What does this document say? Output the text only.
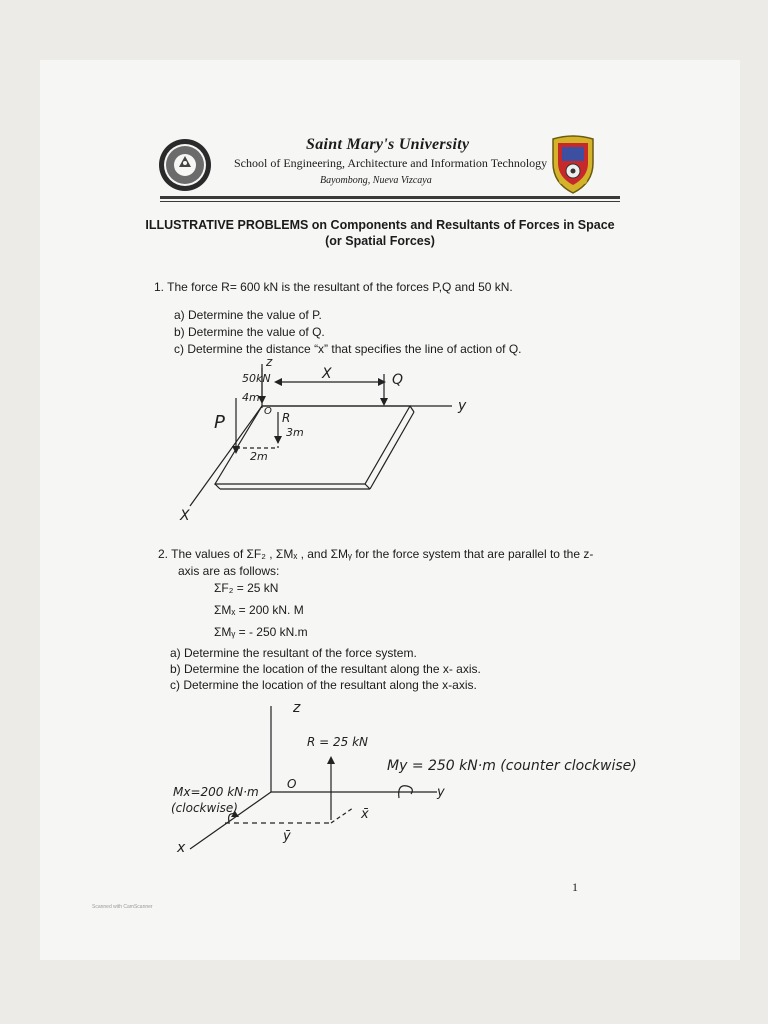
Saint Mary's University
School of Engineering, Architecture and Information Technology
Bayombong, Nueva Vizcaya
ILLUSTRATIVE PROBLEMS on Components and Resultants of Forces in Space
(or Spatial Forces)
1. The force R= 600 kN is the resultant of the forces P,Q and 50 kN.
a) Determine the value of P.
b) Determine the value of Q.
c) Determine the distance “x” that specifies the line of action of Q.
z
50kN	X	Q
y
4m
O
P	R
3m
2m
X
2. The values of ΣF₂ , ΣMₓ , and ΣMᵧ for the force system that are parallel to the z-
axis are as follows:
ΣF₂ = 25 kN
ΣMₓ = 200 kN. M
ΣMᵧ = - 250 kN.m
a) Determine the resultant of the force system.
b) Determine the location of the resultant along the x- axis.
c) Determine the location of the resultant along the x-axis.
z
R = 25 kN
My = 250 kN·m (counter clockwise)
O
y
Mx=200 kN·m
(clockwise)	x̄
ȳ
x
1
Scanned with CamScanner
